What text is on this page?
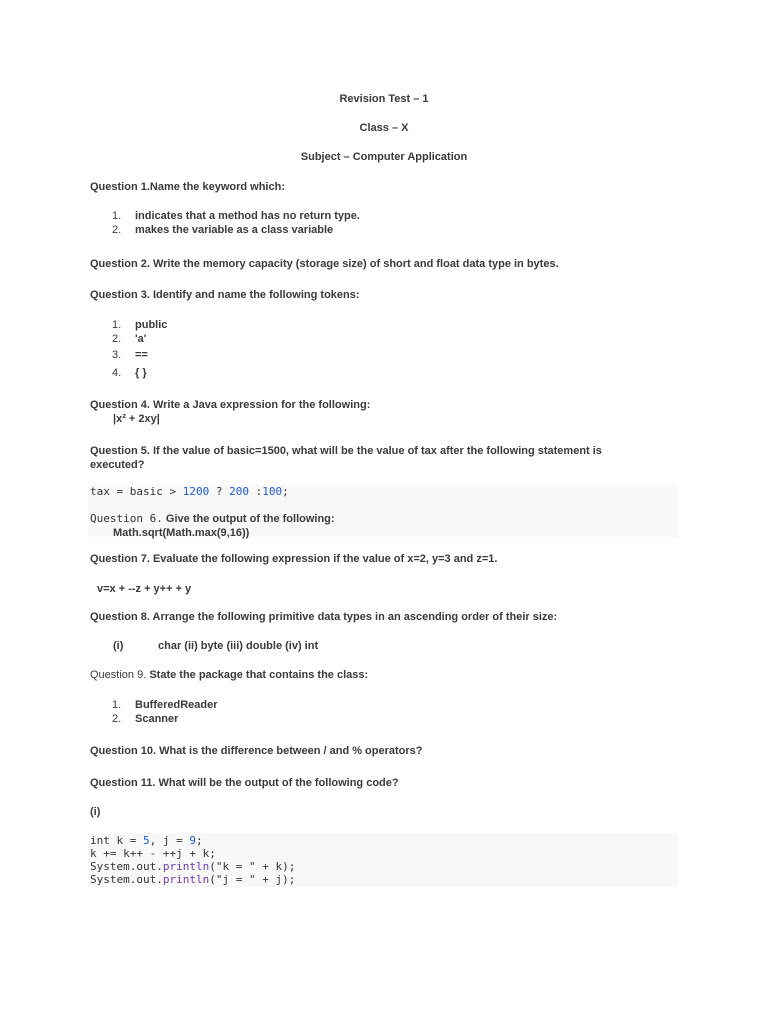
Revision Test – 1
Class – X
Subject – Computer Application
Question 1.Name the keyword which:
1. indicates that a method has no return type.
2. makes the variable as a class variable
Question 2. Write the memory capacity (storage size) of short and float data type in bytes.
Question 3. Identify and name the following tokens:
1. public
2. 'a'
3. ==
4. { }
Question 4. Write a Java expression for the following:
|x² + 2xy|
Question 5. If the value of basic=1500, what will be the value of tax after the following statement is executed?
tax = basic > 1200 ? 200 :100;
Question 6. Give the output of the following:
Math.sqrt(Math.max(9,16))
Question 7. Evaluate the following expression if the value of x=2, y=3 and z=1.
v=x + --z + y++ + y
Question 8. Arrange the following primitive data types in an ascending order of their size:
(i)	char (ii) byte (iii) double (iv) int
Question 9. State the package that contains the class:
1. BufferedReader
2. Scanner
Question 10. What is the difference between / and % operators?
Question 11. What will be the output of the following code?
(i)
int k = 5, j = 9;
k += k++ - ++j + k;
System.out.println("k = " + k);
System.out.println("j = " + j);
